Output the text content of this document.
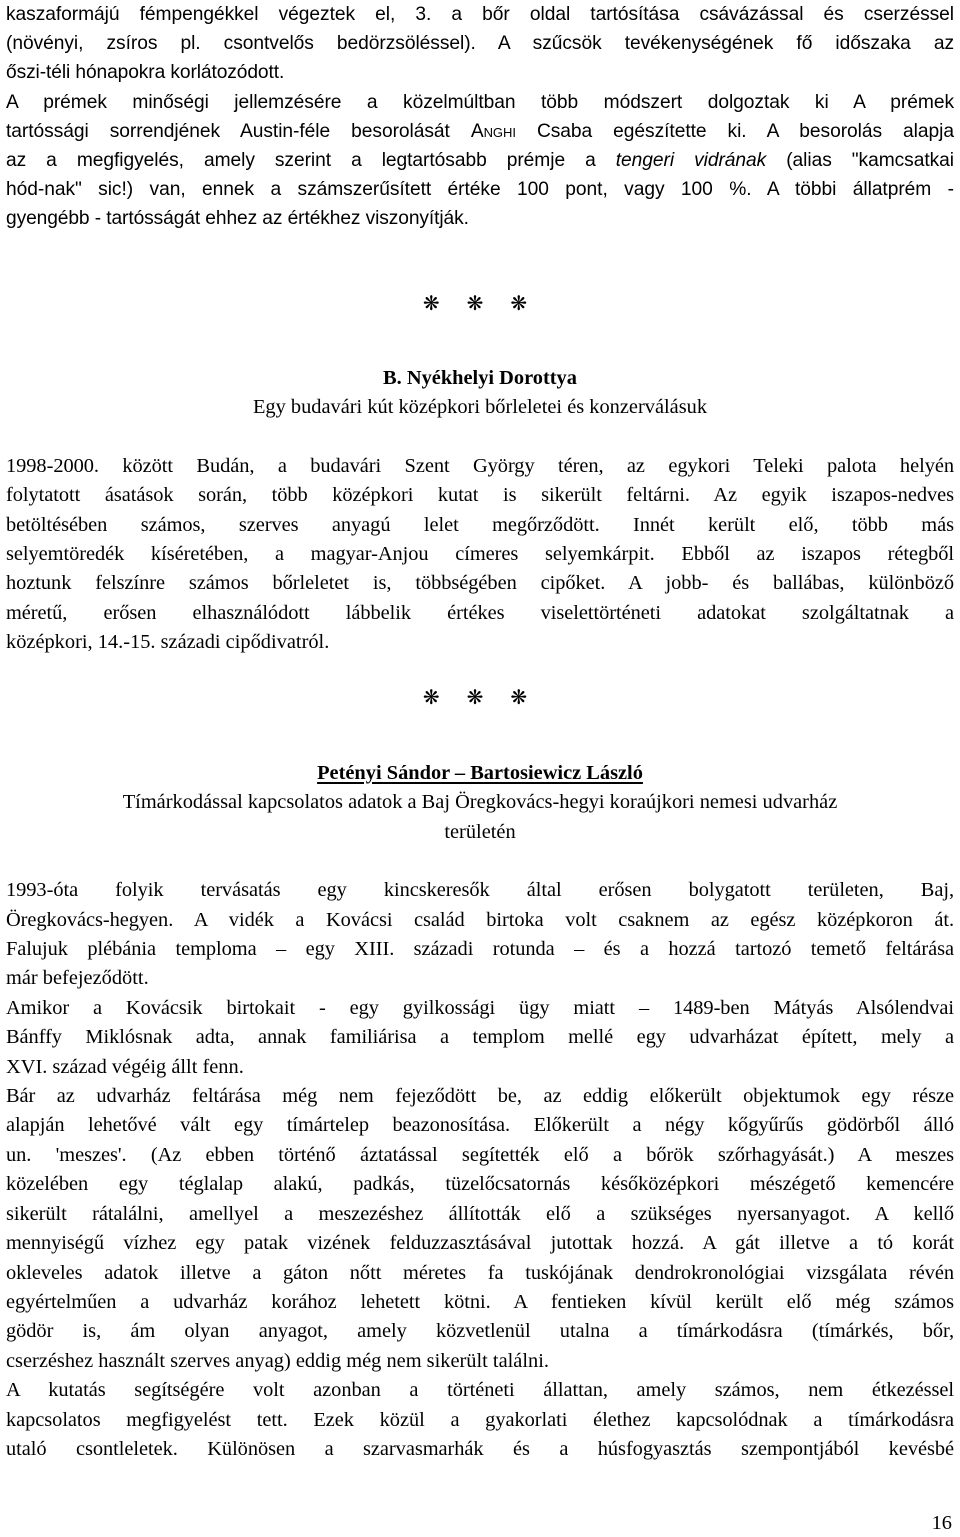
kaszaformájú fémpengékkel végeztek el, 3. a bőr oldal tartósítása csávázással és cserzéssel

(növényi, zsíros pl. csontvelős bedörzsöléssel). A szűcsök tevékenységének fő időszaka az

őszi-téli hónapokra korlátozódott.

A prémek minőségi jellemzésére a közelmúltban több módszert dolgoztak ki A prémek

tartóssági sorrendjének Austin-féle besorolását Anghi Csaba egészítette ki. A besorolás alapja

az a megfigyelés, amely szerint a legtartósabb prémje a tengeri vidrának (alias "kamcsatkai

hód-nak" sic!) van, ennek a számszerűsített értéke 100 pont, vagy 100 %. A többi állatprém -

gyengébb - tartósságát ehhez az értékhez viszonyítják.

❋ ❋ ❋

B. Nyékhelyi Dorottya

Egy budavári kút középkori bőrleletei és konzerválásuk

1998-2000. között Budán, a budavári Szent György téren, az egykori Teleki palota helyén

folytatott ásatások során, több középkori kutat is sikerült feltárni. Az egyik iszapos-nedves

betöltésében számos, szerves anyagú lelet megőrződött. Innét került elő, több más

selyemtöredék kíséretében, a magyar-Anjou címeres selyemkárpit. Ebből az iszapos rétegből

hoztunk felszínre számos bőrleletet is, többségében cipőket. A jobb- és ballábas, különböző

méretű, erősen elhasználódott lábbelik értékes viselettörténeti adatokat szolgáltatnak a

középkori, 14.-15. századi cipődivatról.

❋ ❋ ❋

Petényi Sándor – Bartosiewicz László

Tímárkodással kapcsolatos adatok a Baj Öregkovács-hegyi koraújkori nemesi udvarház

területén

1993-óta folyik tervásatás egy kincskeresők által erősen bolygatott területen, Baj,

Öregkovács-hegyen. A vidék a Kovácsi család birtoka volt csaknem az egész középkoron át.

Falujuk plébánia temploma – egy XIII. századi rotunda – és a hozzá tartozó temető feltárása

már befejeződött.

Amikor a Kovácsik birtokait - egy gyilkossági ügy miatt – 1489-ben Mátyás Alsólendvai

Bánffy Miklósnak adta, annak familiárisa a templom mellé egy udvarházat épített, mely a

XVI. század végéig állt fenn.

Bár az udvarház feltárása még nem fejeződött be, az eddig előkerült objektumok egy része

alapján lehetővé vált egy tímártelep beazonosítása. Előkerült a négy kőgyűrűs gödörből álló

un. 'meszes'. (Az ebben történő áztatással segítették elő a bőrök szőrhagyását.) A meszes

közelében egy téglalap alakú, padkás, tüzelőcsatornás későközépkori mészégető kemencére

sikerült rátalálni, amellyel a meszezéshez állították elő a szükséges nyersanyagot. A kellő

mennyiségű vízhez egy patak vizének felduzzasztásával jutottak hozzá. A gát illetve a tó korát

okleveles adatok illetve a gáton nőtt méretes fa tuskójának dendrokronológiai vizsgálata révén

egyértelműen a udvarház korához lehetett kötni. A fentieken kívül került elő még számos

gödör is, ám olyan anyagot, amely közvetlenül utalna a tímárkodásra (tímárkés, bőr,

cserzéshez használt szerves anyag) eddig még nem sikerült találni.

A kutatás segítségére volt azonban a történeti állattan, amely számos, nem étkezéssel

kapcsolatos megfigyelést tett. Ezek közül a gyakorlati élethez kapcsolódnak a tímárkodásra

utaló csontleletek. Különösen a szarvasmarhák és a húsfogyasztás szempontjából kevésbé

16
